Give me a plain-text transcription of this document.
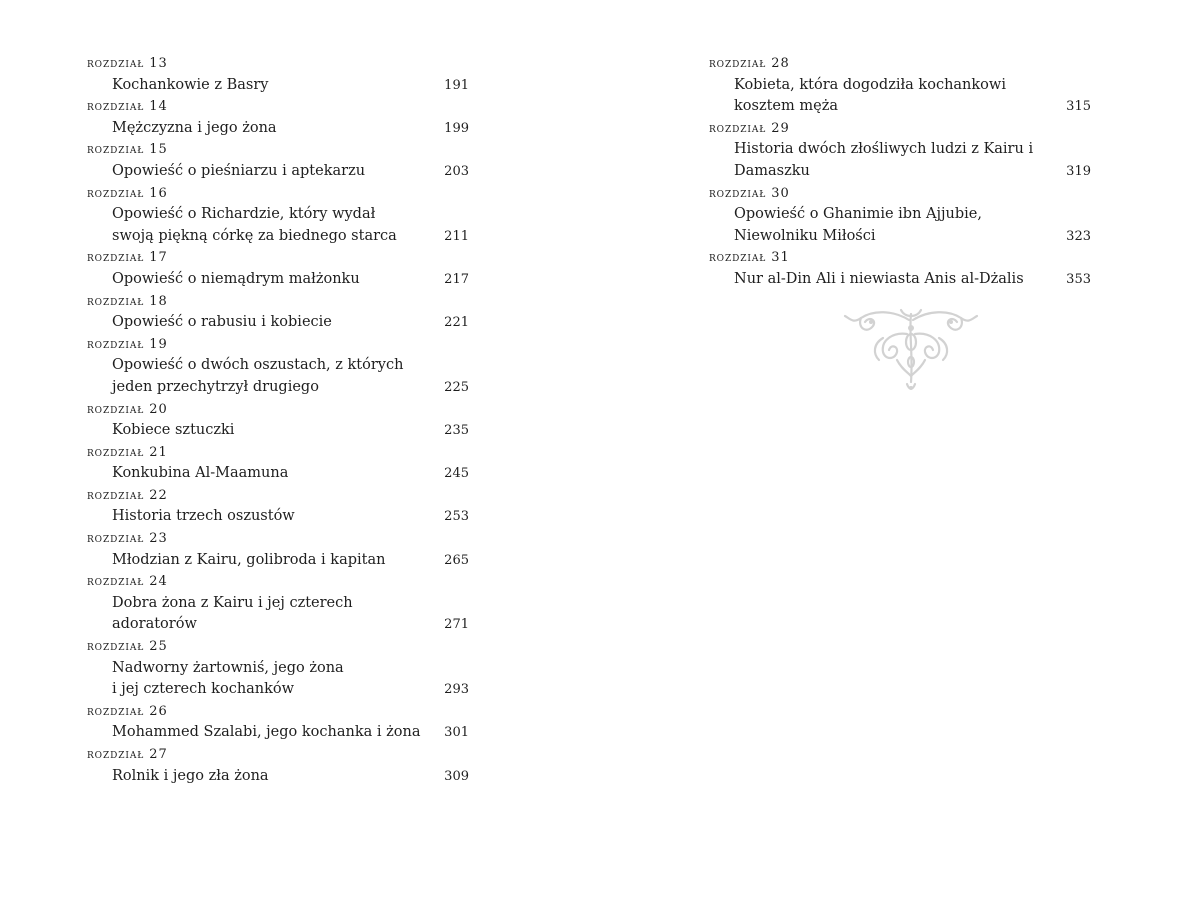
rozdział 13
Kochankowie z Basry	191
rozdział 14
Mężczyzna i jego żona	199
rozdział 15
Opowieść o pieśniarzu i aptekarzu	203
rozdział 16
Opowieść o Richardzie, który wydał
swoją piękną córkę za biednego starca	211
rozdział 17
Opowieść o niemądrym małżonku	217
rozdział 18
Opowieść o rabusiu i kobiecie	221
rozdział 19
Opowieść o dwóch oszustach, z których
jeden przechytrzył drugiego	225
rozdział 20
Kobiece sztuczki	235
rozdział 21
Konkubina Al-Maamuna	245
rozdział 22
Historia trzech oszustów	253
rozdział 23
Młodzian z Kairu, golibroda i kapitan	265
rozdział 24
Dobra żona z Kairu i jej czterech adoratorów	271
rozdział 25
Nadworny żartowniś, jego żona
i jej czterech kochanków	293
rozdział 26
Mohammed Szalabi, jego kochanka i żona	301
rozdział 27
Rolnik i jego zła żona	309
rozdział 28
Kobieta, która dogodziła kochankowi
kosztem męża	315
rozdział 29
Historia dwóch złośliwych ludzi z Kairu i Damaszku	319
rozdział 30
Opowieść o Ghanimie ibn Ajjubie,
Niewolniku Miłości	323
rozdział 31
Nur al-Din Ali i niewiasta Anis al-Dżalis	353
